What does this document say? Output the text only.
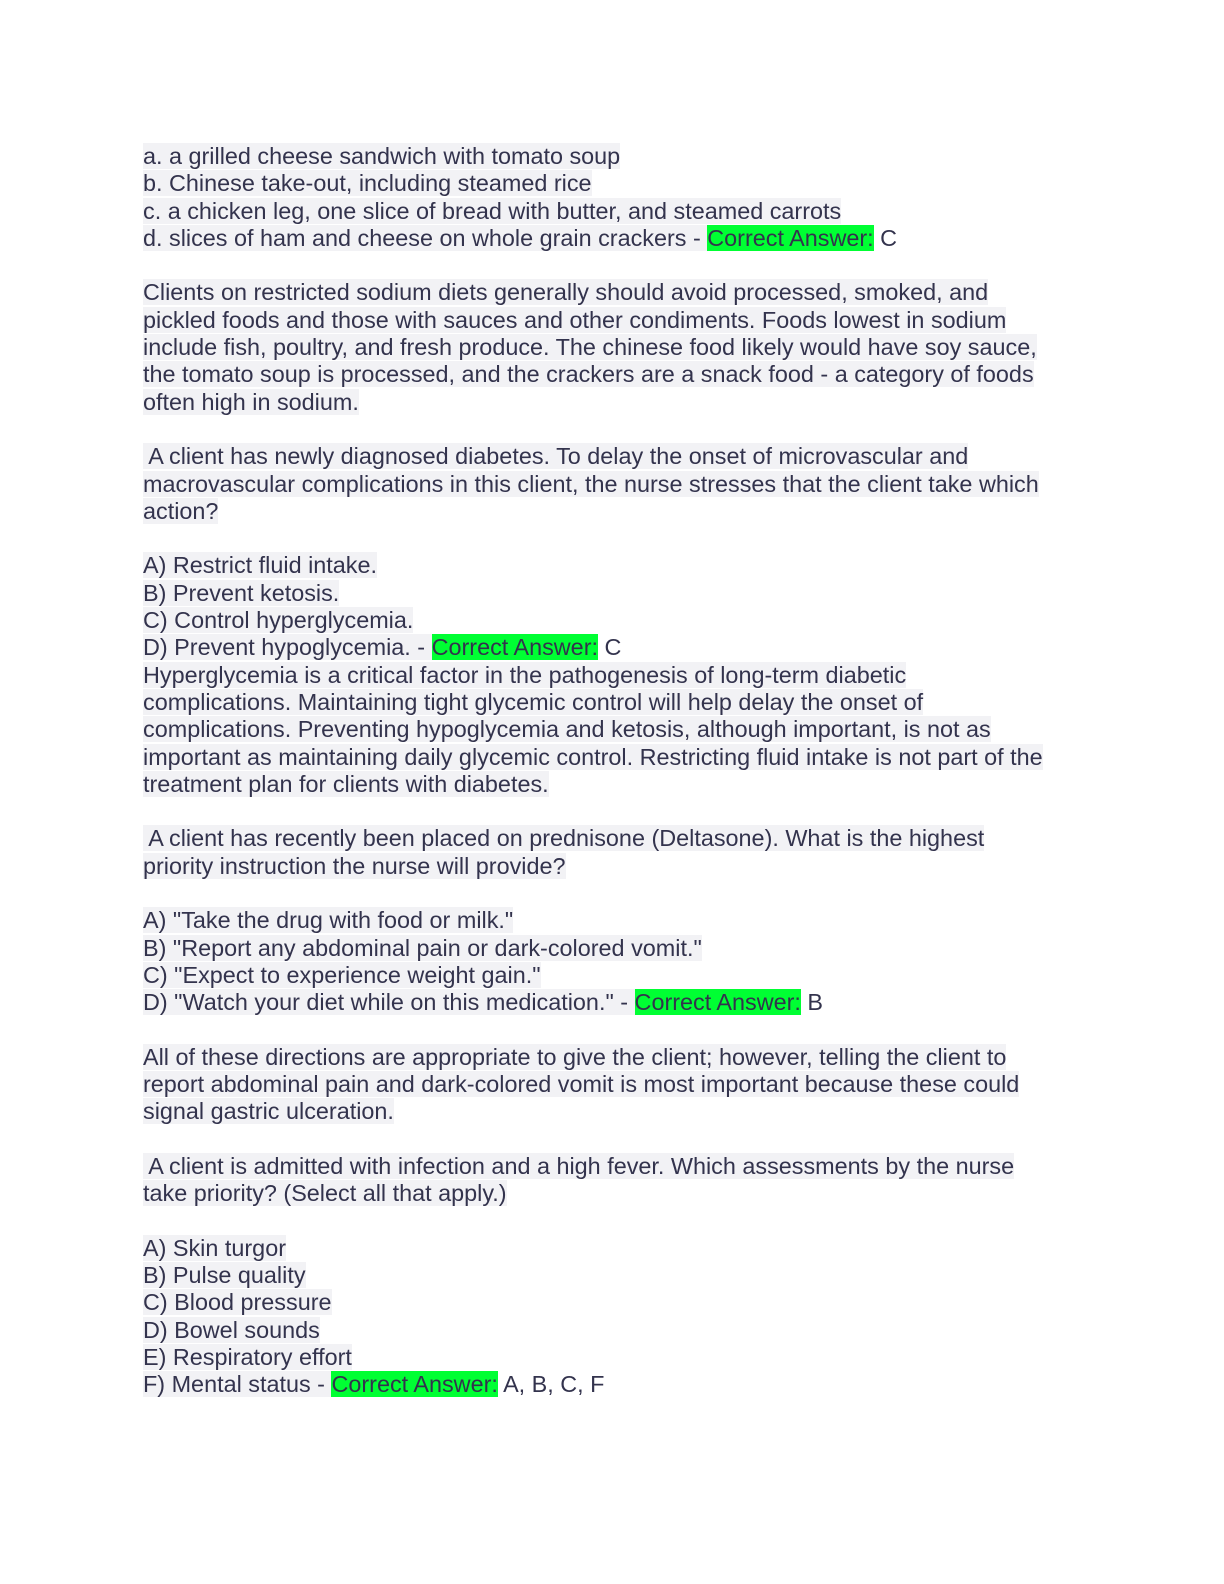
a. a grilled cheese sandwich with tomato soup
b. Chinese take-out, including steamed rice
c. a chicken leg, one slice of bread with butter, and steamed carrots
d. slices of ham and cheese on whole grain crackers - Correct Answer: C
Clients on restricted sodium diets generally should avoid processed, smoked, and
pickled foods and those with sauces and other condiments. Foods lowest in sodium
include fish, poultry, and fresh produce. The chinese food likely would have soy sauce,
the tomato soup is processed, and the crackers are a snack food - a category of foods
often high in sodium.
A client has newly diagnosed diabetes. To delay the onset of microvascular and
macrovascular complications in this client, the nurse stresses that the client take which
action?
A) Restrict fluid intake.
B) Prevent ketosis.
C) Control hyperglycemia.
D) Prevent hypoglycemia. - Correct Answer: C
Hyperglycemia is a critical factor in the pathogenesis of long-term diabetic
complications. Maintaining tight glycemic control will help delay the onset of
complications. Preventing hypoglycemia and ketosis, although important, is not as
important as maintaining daily glycemic control. Restricting fluid intake is not part of the
treatment plan for clients with diabetes.
A client has recently been placed on prednisone (Deltasone). What is the highest
priority instruction the nurse will provide?
A) "Take the drug with food or milk."
B) "Report any abdominal pain or dark-colored vomit."
C) "Expect to experience weight gain."
D) "Watch your diet while on this medication." - Correct Answer: B
All of these directions are appropriate to give the client; however, telling the client to
report abdominal pain and dark-colored vomit is most important because these could
signal gastric ulceration.
A client is admitted with infection and a high fever. Which assessments by the nurse
take priority? (Select all that apply.)
A) Skin turgor
B) Pulse quality
C) Blood pressure
D) Bowel sounds
E) Respiratory effort
F) Mental status - Correct Answer: A, B, C, F
